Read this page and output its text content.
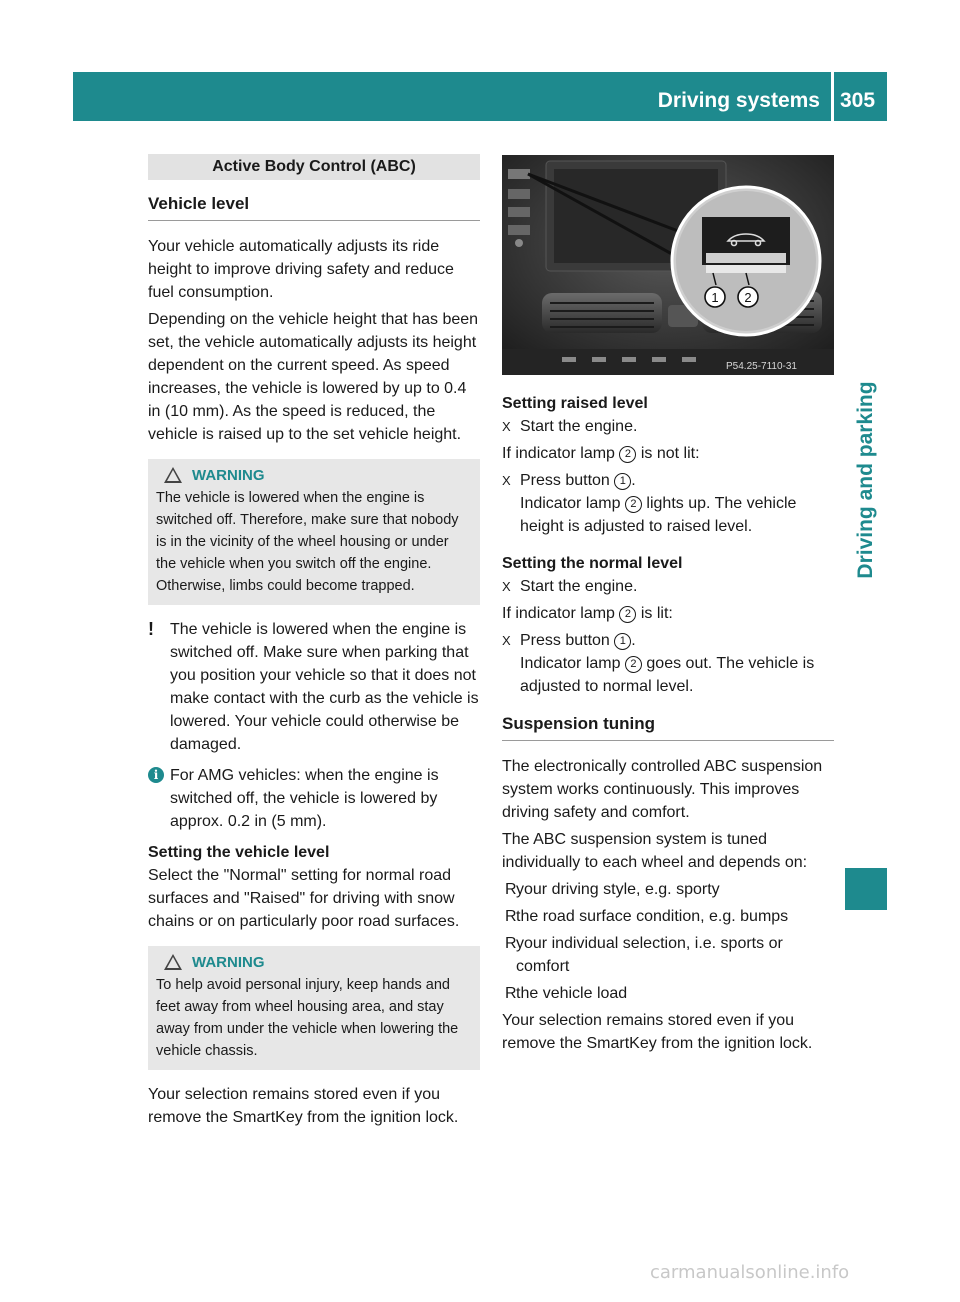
Driving systems 305
Driving and parking
Active Body Control (ABC)
Vehicle level

Your vehicle automatically adjusts its ride height to improve driving safety and reduce fuel consumption.

Depending on the vehicle height that has been set, the vehicle automatically adjusts its height dependent on the current speed. As speed increases, the vehicle is lowered by up to 0.4 in (10 mm). As the speed is reduced, the vehicle is raised up to the set vehicle height.

WARNING
The vehicle is lowered when the engine is switched off. Therefore, make sure that nobody is in the vicinity of the wheel housing or under the vehicle when you switch off the engine. Otherwise, limbs could become trapped.
! The vehicle is lowered when the engine is switched off. Make sure when parking that you position your vehicle so that it does not make contact with the curb as the vehicle is lowered. Your vehicle could otherwise be damaged.
i For AMG vehicles: when the engine is switched off, the vehicle is lowered by approx. 0.2 in (5 mm).

Setting the vehicle level

Select the "Normal" setting for normal road surfaces and "Raised" for driving with snow chains or on particularly poor road surfaces.

WARNING
To help avoid personal injury, keep hands and feet away from wheel housing area, and stay away from under the vehicle when lowering the vehicle chassis.

Your selection remains stored even if you remove the SmartKey from the ignition lock.

1 2
P54.25-7110-31

Setting raised level

X Start the engine.

If indicator lamp 2 is not lit:

X Press button 1 .
Indicator lamp 2 lights up. The vehicle height is adjusted to raised level.

Setting the normal level

X Start the engine.

If indicator lamp 2 is lit:

X Press button 1 .
Indicator lamp 2 goes out. The vehicle is adjusted to normal level.
Suspension tuning

The electronically controlled ABC suspension system works continuously. This improves driving safety and comfort.

The ABC suspension system is tuned individually to each wheel and depends on:

R your driving style, e.g. sporty
R the road surface condition, e.g. bumps
R your individual selection, i.e. sports or comfort
R the vehicle load

Your selection remains stored even if you remove the SmartKey from the ignition lock.

carmanualsonline.info
